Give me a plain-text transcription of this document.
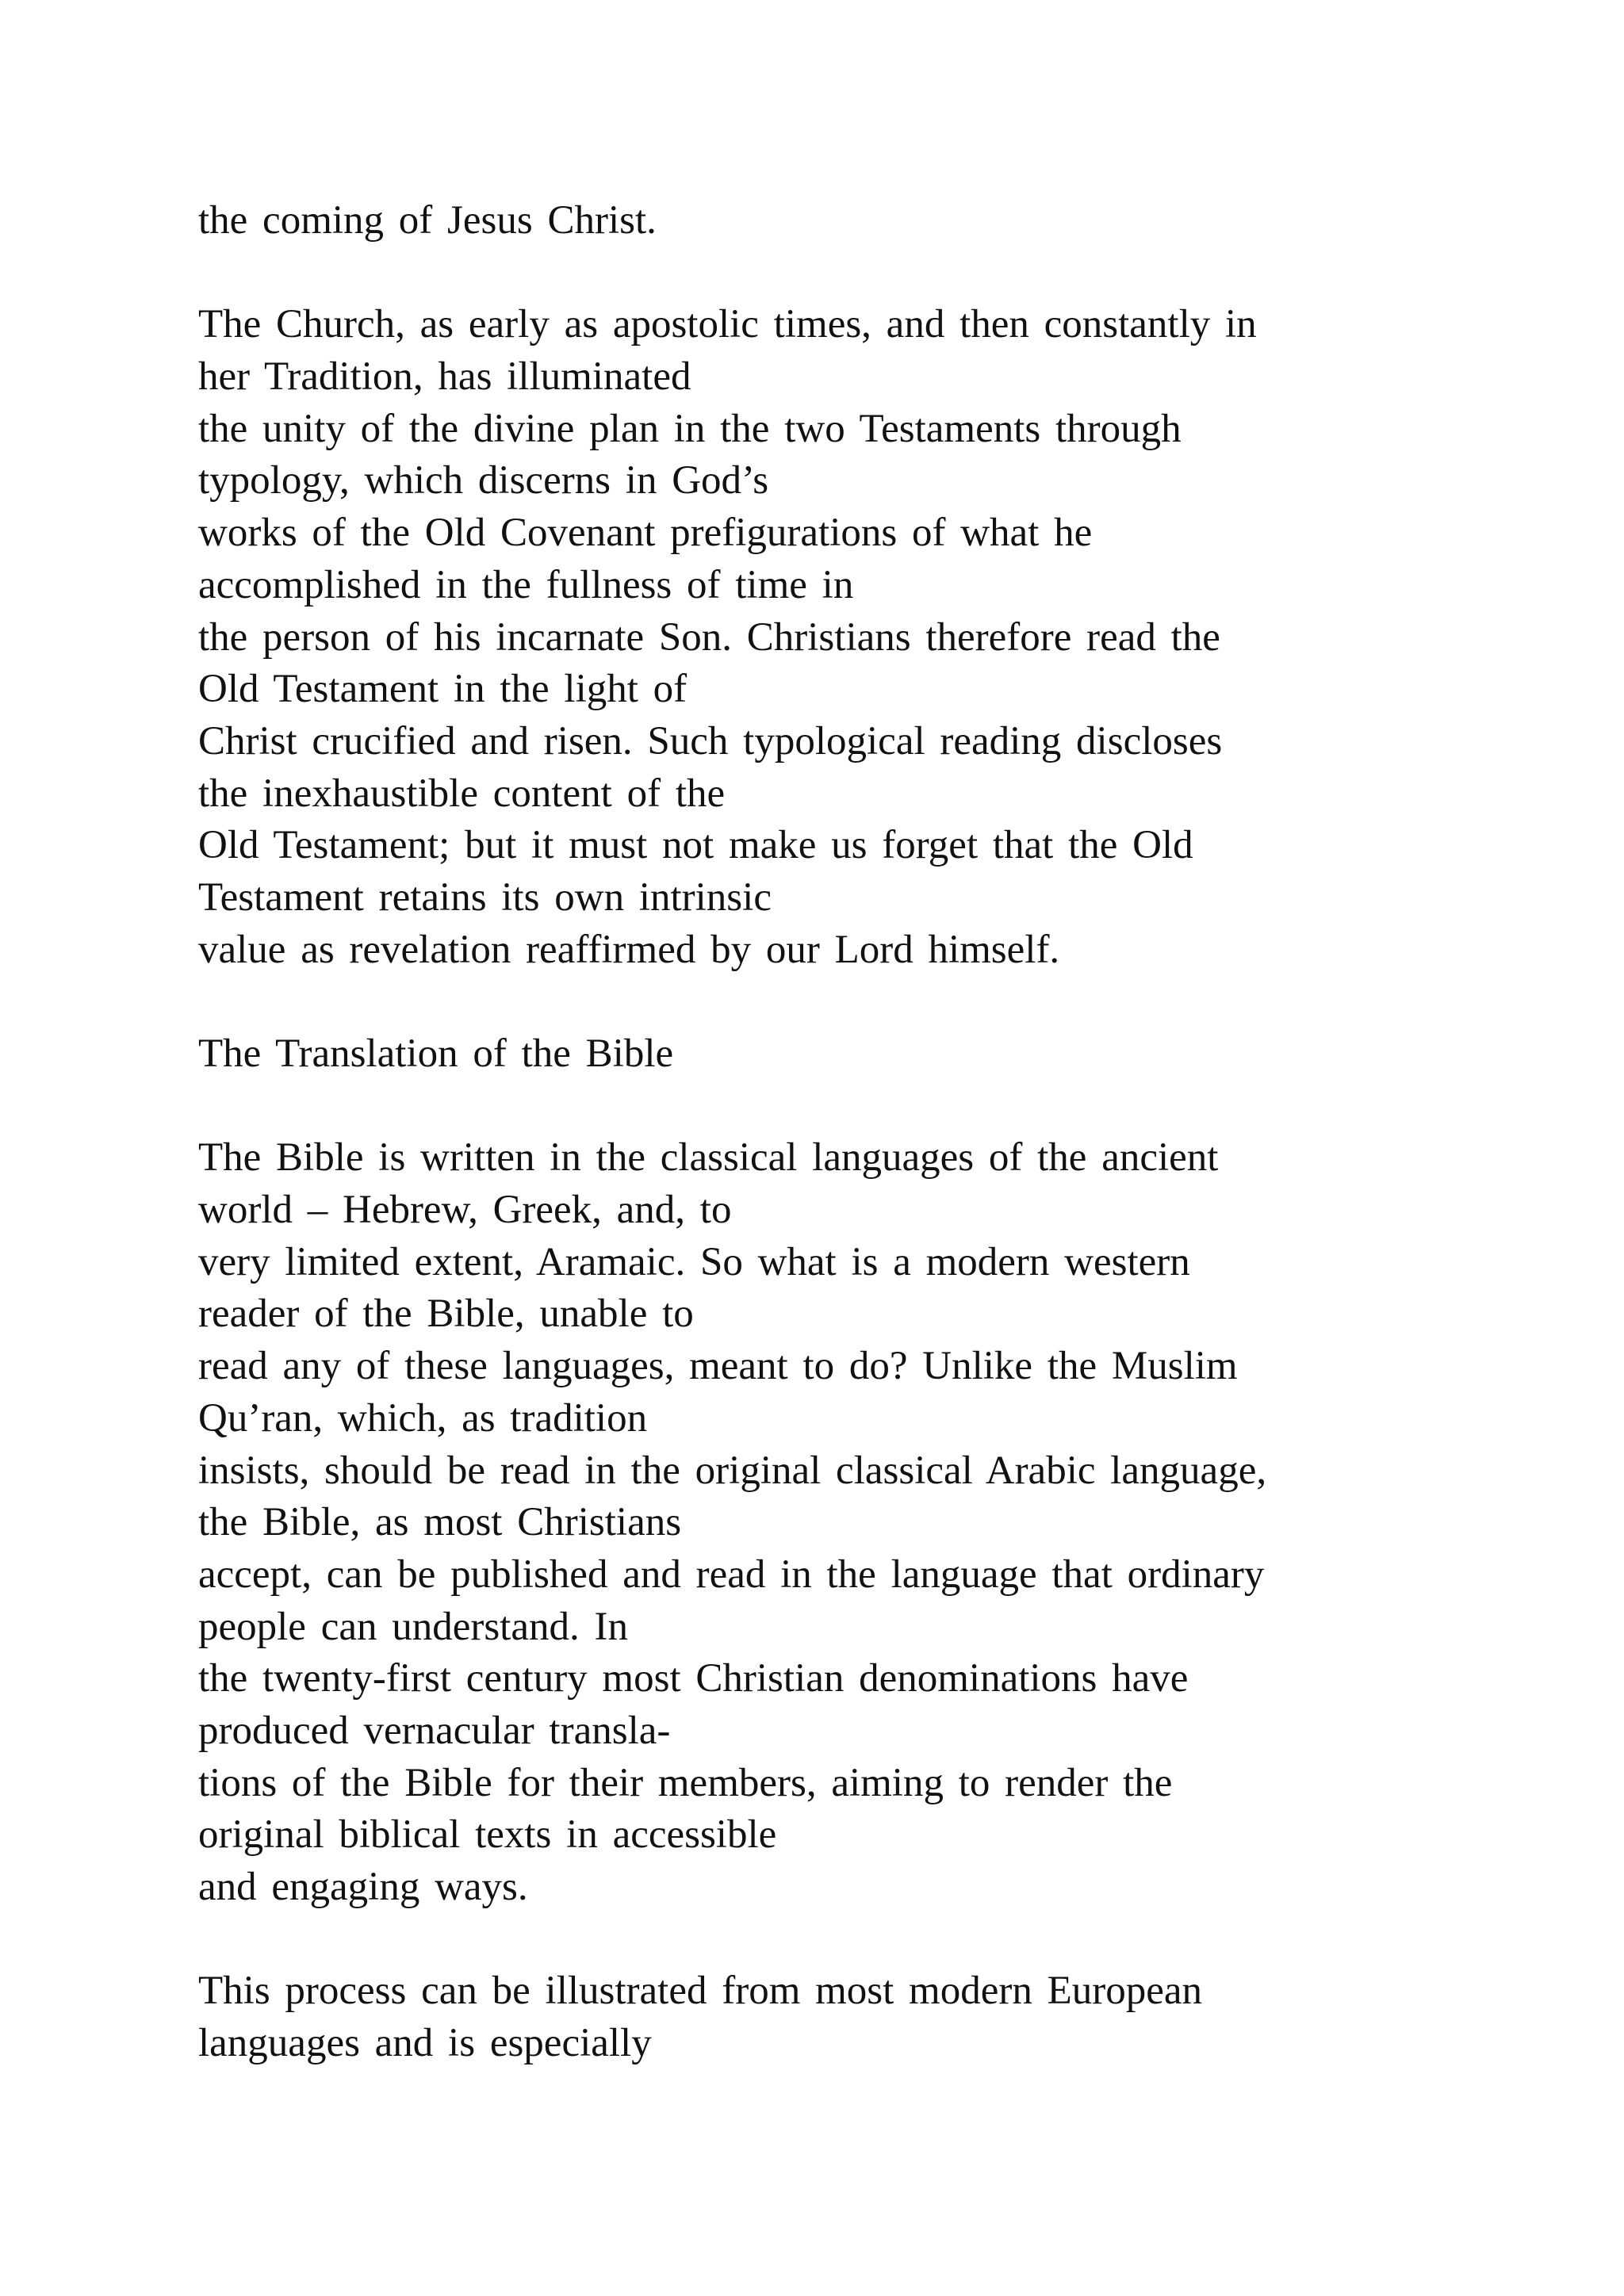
the coming of Jesus Christ.
The Church, as early as apostolic times, and then constantly in
her Tradition, has illuminated
the unity of the divine plan in the two Testaments through
typology, which discerns in God’s
works of the Old Covenant prefigurations of what he
accomplished in the fullness of time in
the person of his incarnate Son. Christians therefore read the
Old Testament in the light of
Christ crucified and risen. Such typological reading discloses
the inexhaustible content of the
Old Testament; but it must not make us forget that the Old
Testament retains its own intrinsic
value as revelation reaffirmed by our Lord himself.
The Translation of the Bible
The Bible is written in the classical languages of the ancient
world – Hebrew, Greek, and, to
very limited extent, Aramaic. So what is a modern western
reader of the Bible, unable to
read any of these languages, meant to do? Unlike the Muslim
Qu’ran, which, as tradition
insists, should be read in the original classical Arabic language,
the Bible, as most Christians
accept, can be published and read in the language that ordinary
people can understand. In
the twenty-first century most Christian denominations have
produced vernacular transla-
tions of the Bible for their members, aiming to render the
original biblical texts in accessible
and engaging ways.
This process can be illustrated from most modern European
languages and is especially
